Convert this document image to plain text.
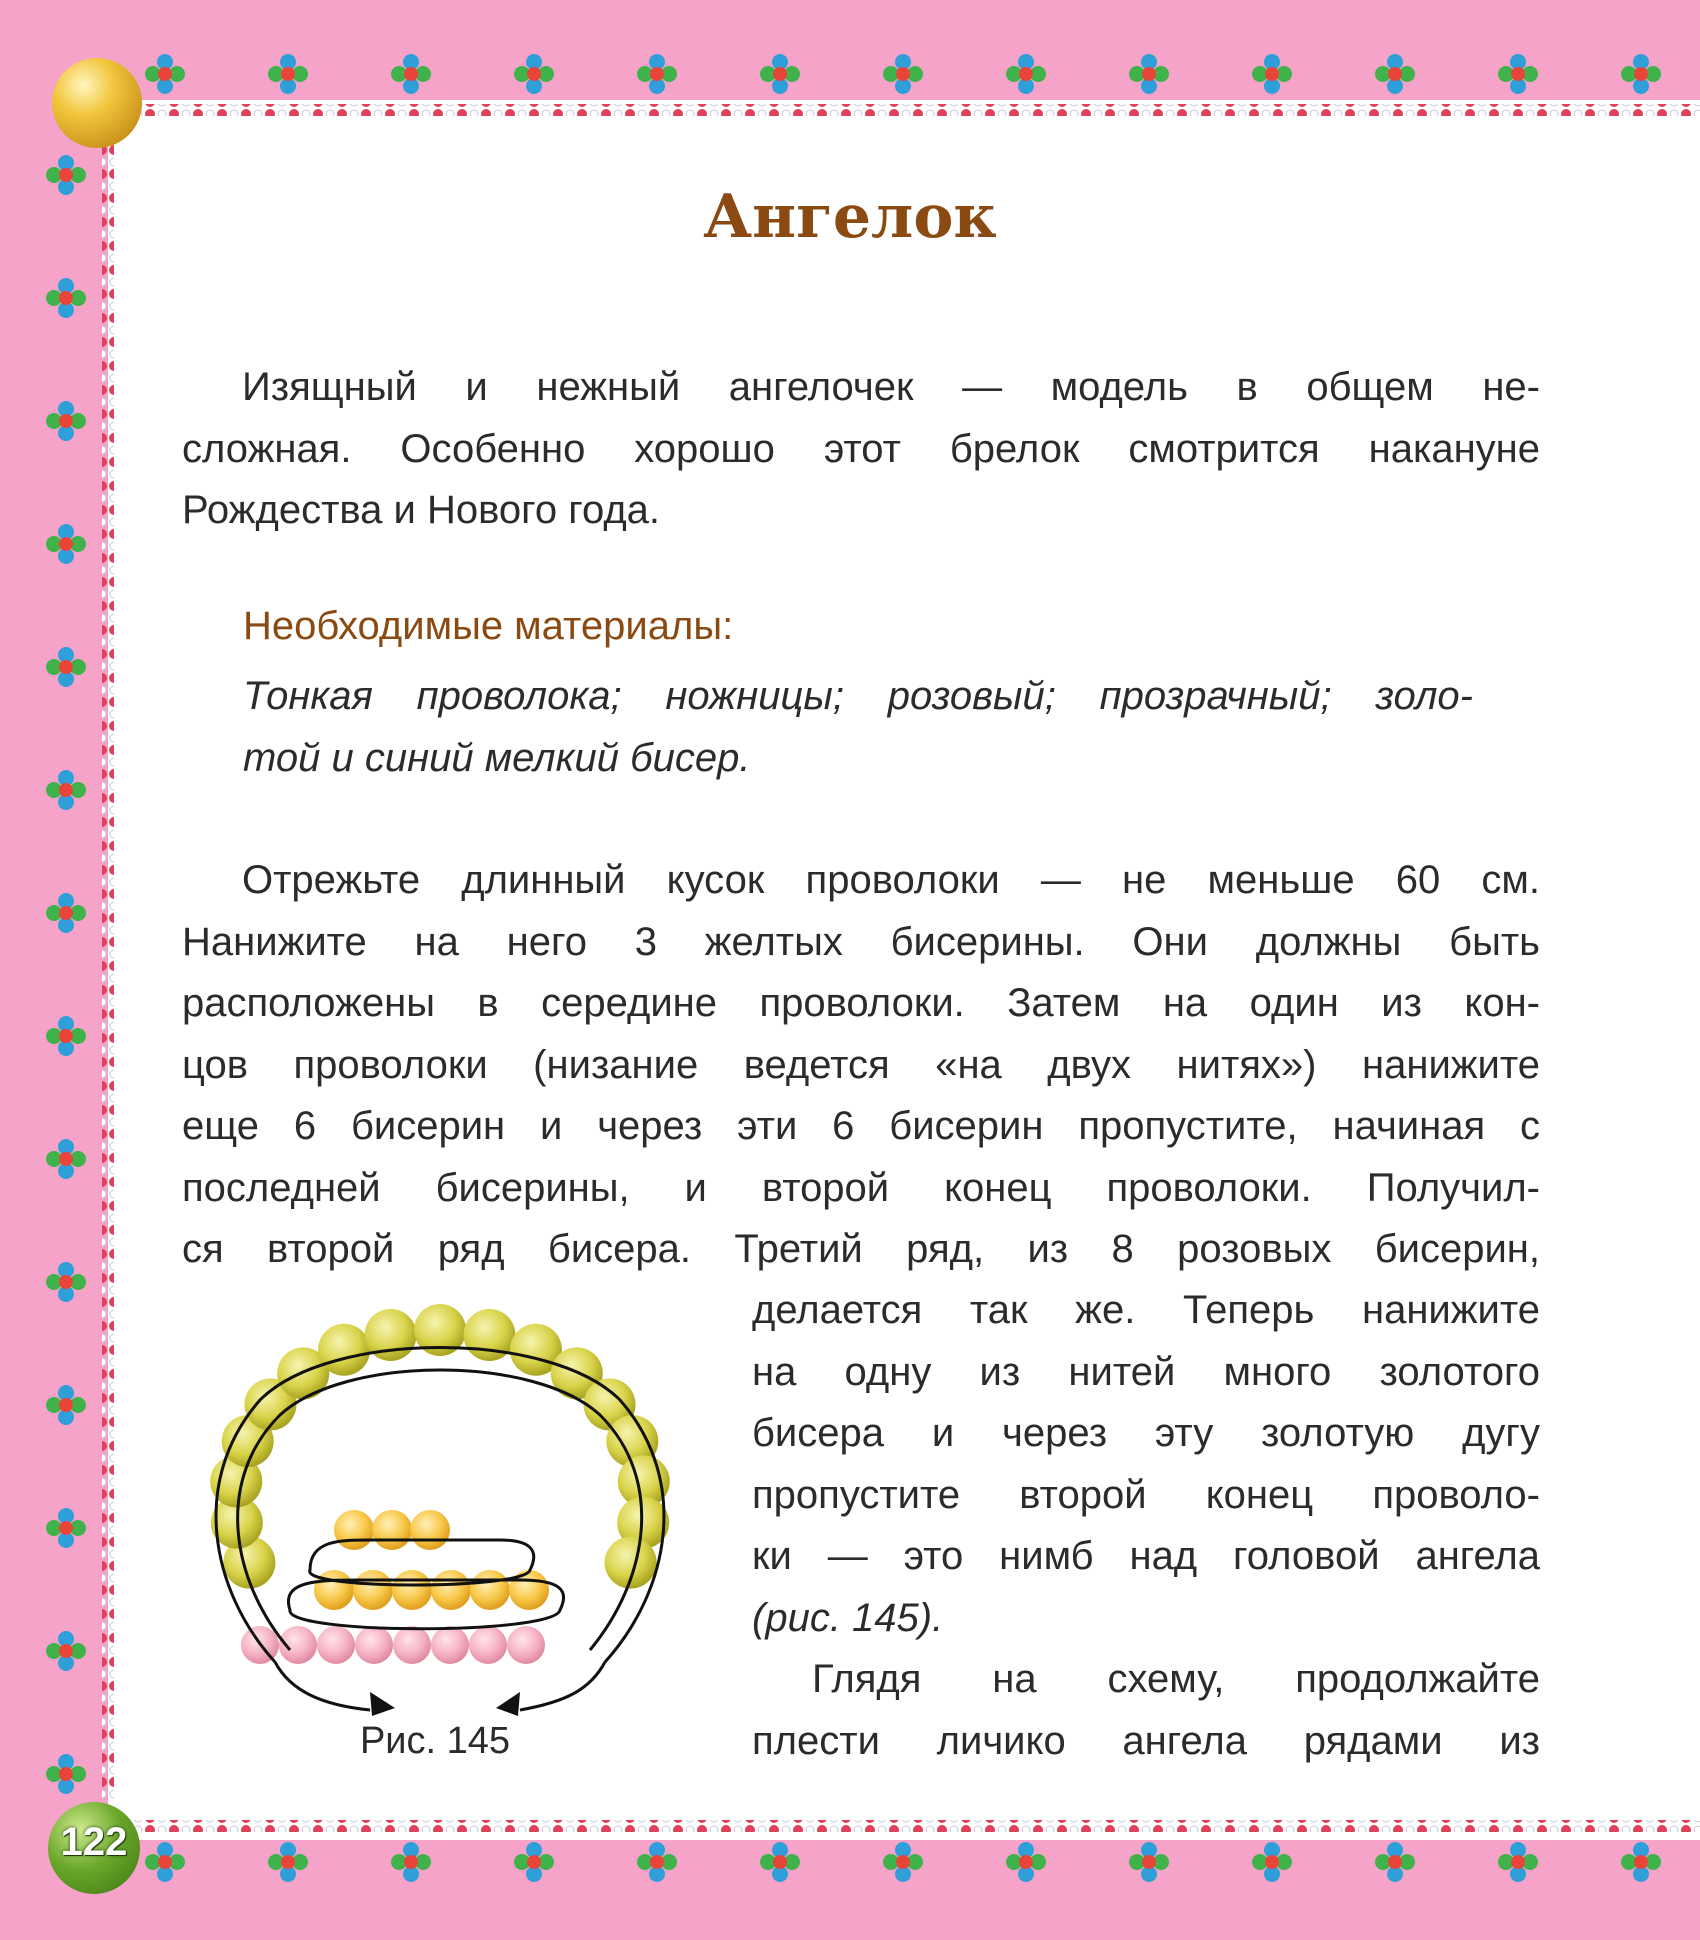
Ангелок
Изящный и нежный ангелочек — модель в общем не-
сложная. Особенно хорошо этот брелок смотрится накануне
Рождества и Нового года.

Необходимые материалы:

Тонкая проволока; ножницы; розовый; прозрачный; золо-
той и синий мелкий бисер.
Отрежьте длинный кусок проволоки — не меньше 60 см.
Нанижите на него 3 желтых бисерины. Они должны быть
расположены в середине проволоки. Затем на один из кон-
цов проволоки (низание ведется «на двух нитях») нанижите
еще 6 бисерин и через эти 6 бисерин пропустите, начиная с
последней бисерины, и второй конец проволоки. Получил-
ся второй ряд бисера. Третий ряд, из 8 розовых бисерин,
делается так же. Теперь нанижите
на одну из нитей много золотого
бисера и через эту золотую дугу
пропустите второй конец проволо-
ки — это нимб над головой ангела
(рис. 145).
Глядя на схему, продолжайте
плести личико ангела рядами из

Рис. 145

122
